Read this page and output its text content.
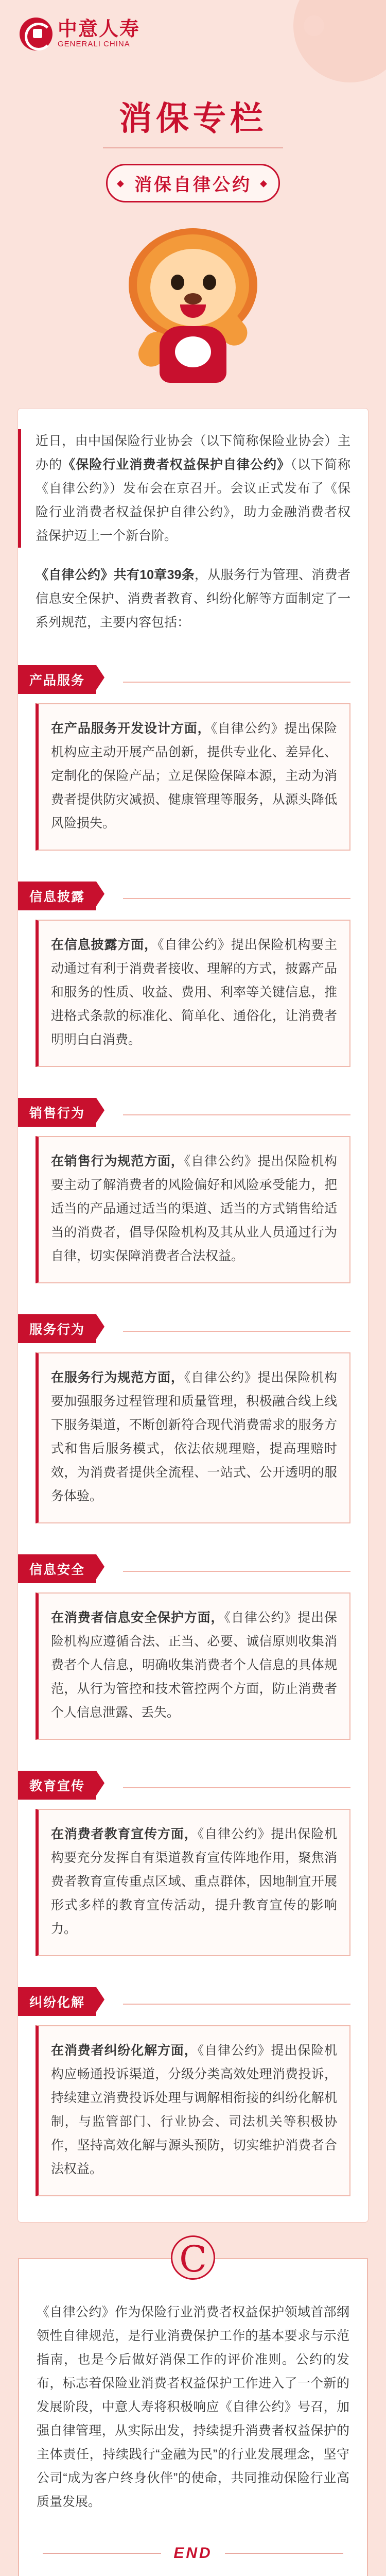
中意人寿
GENERALI CHINA
消保专栏
◆ 消保自律公约 ◆

近日，由中国保险行业协会（以下简称保险业协会）主办的《保险行业消费者权益保护自律公约》（以下简称《自律公约》）发布会在京召开。会议正式发布了《保险行业消费者权益保护自律公约》，助力金融消费者权益保护迈上一个新台阶。

《自律公约》共有10章39条，从服务行为管理、消费者信息安全保护、消费者教育、纠纷化解等方面制定了一系列规范，主要内容包括：

产品服务

在产品服务开发设计方面，《自律公约》提出保险机构应主动开展产品创新，提供专业化、差异化、定制化的保险产品；立足保险保障本源，主动为消费者提供防灾减损、健康管理等服务，从源头降低风险损失。

信息披露

在信息披露方面，《自律公约》提出保险机构要主动通过有利于消费者接收、理解的方式，披露产品和服务的性质、收益、费用、利率等关键信息，推进格式条款的标准化、简单化、通俗化，让消费者明明白白消费。

销售行为

在销售行为规范方面，《自律公约》提出保险机构要主动了解消费者的风险偏好和风险承受能力，把适当的产品通过适当的渠道、适当的方式销售给适当的消费者，倡导保险机构及其从业人员通过行为自律，切实保障消费者合法权益。

服务行为

在服务行为规范方面，《自律公约》提出保险机构要加强服务过程管理和质量管理，积极融合线上线下服务渠道，不断创新符合现代消费需求的服务方式和售后服务模式，依法依规理赔，提高理赔时效，为消费者提供全流程、一站式、公开透明的服务体验。

信息安全

在消费者信息安全保护方面，《自律公约》提出保险机构应遵循合法、正当、必要、诚信原则收集消费者个人信息，明确收集消费者个人信息的具体规范，从行为管控和技术管控两个方面，防止消费者个人信息泄露、丢失。

教育宣传

在消费者教育宣传方面，《自律公约》提出保险机构要充分发挥自有渠道教育宣传阵地作用，聚焦消费者教育宣传重点区域、重点群体，因地制宜开展形式多样的教育宣传活动，提升教育宣传的影响力。

纠纷化解

在消费者纠纷化解方面，《自律公约》提出保险机构应畅通投诉渠道，分级分类高效处理消费投诉，持续建立消费投诉处理与调解相衔接的纠纷化解机制，与监管部门、行业协会、司法机关等积极协作，坚持高效化解与源头预防，切实维护消费者合法权益。

C

《自律公约》作为保险行业消费者权益保护领域首部纲领性自律规范，是行业消费保护工作的基本要求与示范指南，也是今后做好消保工作的评价准则。公约的发布，标志着保险业消费者权益保护工作进入了一个新的发展阶段，中意人寿将积极响应《自律公约》号召，加强自律管理，从实际出发，持续提升消费者权益保护的主体责任，持续践行“金融为民”的行业发展理念，坚守公司“成为客户终身伙伴”的使命，共同推动保险行业高质量发展。

END
